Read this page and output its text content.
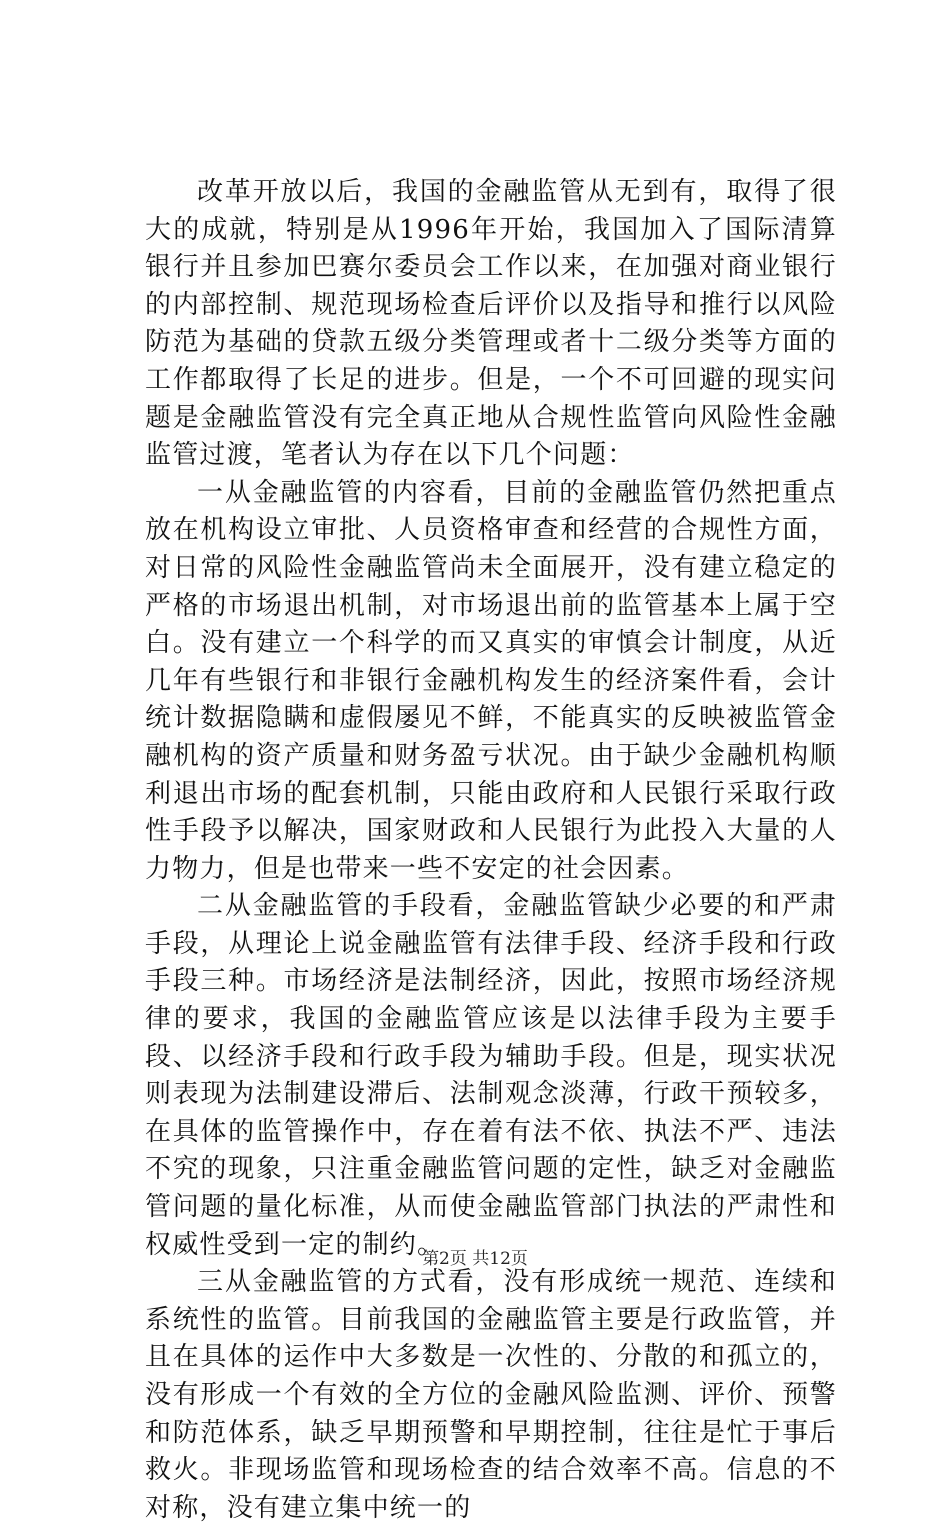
改革开放以后，我国的金融监管从无到有，取得了很大的成就，特别是从1996年开始，我国加入了国际清算银行并且参加巴赛尔委员会工作以来，在加强对商业银行的内部控制、规范现场检查后评价以及指导和推行以风险防范为基础的贷款五级分类管理或者十二级分类等方面的工作都取得了长足的进步。但是，一个不可回避的现实问题是金融监管没有完全真正地从合规性监管向风险性金融监管过渡，笔者认为存在以下几个问题：

一从金融监管的内容看，目前的金融监管仍然把重点放在机构设立审批、人员资格审查和经营的合规性方面，对日常的风险性金融监管尚未全面展开，没有建立稳定的严格的市场退出机制，对市场退出前的监管基本上属于空白。没有建立一个科学的而又真实的审慎会计制度，从近几年有些银行和非银行金融机构发生的经济案件看，会计统计数据隐瞒和虚假屡见不鲜，不能真实的反映被监管金融机构的资产质量和财务盈亏状况。由于缺少金融机构顺利退出市场的配套机制，只能由政府和人民银行采取行政性手段予以解决，国家财政和人民银行为此投入大量的人力物力，但是也带来一些不安定的社会因素。

二从金融监管的手段看，金融监管缺少必要的和严肃手段，从理论上说金融监管有法律手段、经济手段和行政手段三种。市场经济是法制经济，因此，按照市场经济规律的要求，我国的金融监管应该是以法律手段为主要手段、以经济手段和行政手段为辅助手段。但是，现实状况则表现为法制建设滞后、法制观念淡薄，行政干预较多，在具体的监管操作中，存在着有法不依、执法不严、违法不究的现象，只注重金融监管问题的定性，缺乏对金融监管问题的量化标准，从而使金融监管部门执法的严肃性和权威性受到一定的制约。

三从金融监管的方式看，没有形成统一规范、连续和系统性的监管。目前我国的金融监管主要是行政监管，并且在具体的运作中大多数是一次性的、分散的和孤立的，没有形成一个有效的全方位的金融风险监测、评价、预警和防范体系，缺乏早期预警和早期控制，往往是忙于事后救火。非现场监管和现场检查的结合效率不高。信息的不对称，没有建立集中统一的

第2页 共12页
